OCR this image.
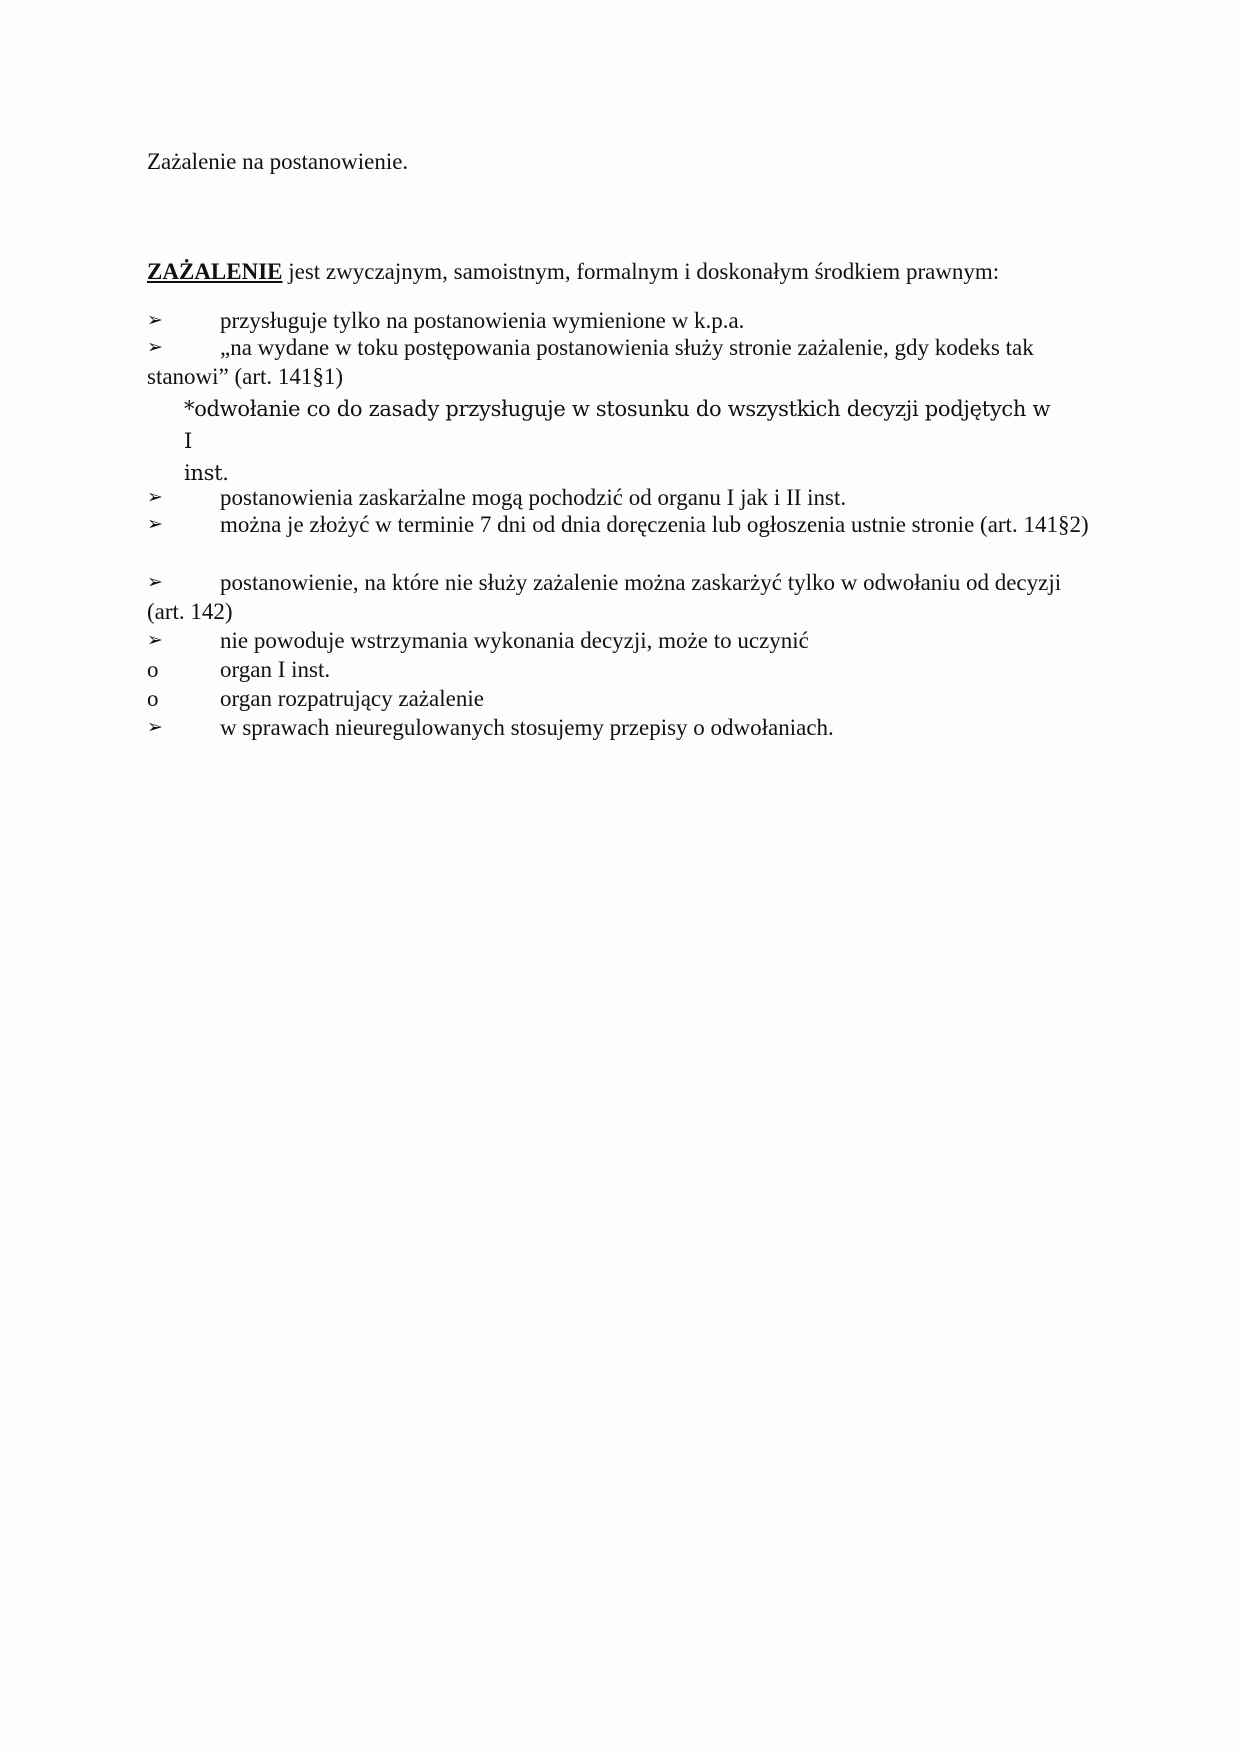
Zażalenie na postanowienie.
ZAŻALENIE jest zwyczajnym, samoistnym, formalnym i doskonałym środkiem prawnym:
➢	przysługuje tylko na postanowienia wymienione w k.p.a.
➢	„na wydane w toku postępowania postanowienia służy stronie zażalenie, gdy kodeks tak stanowi” (art. 141§1)
*odwołanie co do zasady przysługuje w stosunku do wszystkich decyzji podjętych w I
inst.
➢	postanowienia zaskarżalne mogą pochodzić od organu I jak i II inst.
➢	można je złożyć w terminie 7 dni od dnia doręczenia lub ogłoszenia ustnie stronie (art. 141§2)
➢	postanowienie, na które nie służy zażalenie można zaskarżyć tylko w odwołaniu od decyzji (art. 142)
➢	nie powoduje wstrzymania wykonania decyzji, może to uczynić
o	organ I inst.
o	organ rozpatrujący zażalenie
➢	w sprawach nieuregulowanych stosujemy przepisy o odwołaniach.
